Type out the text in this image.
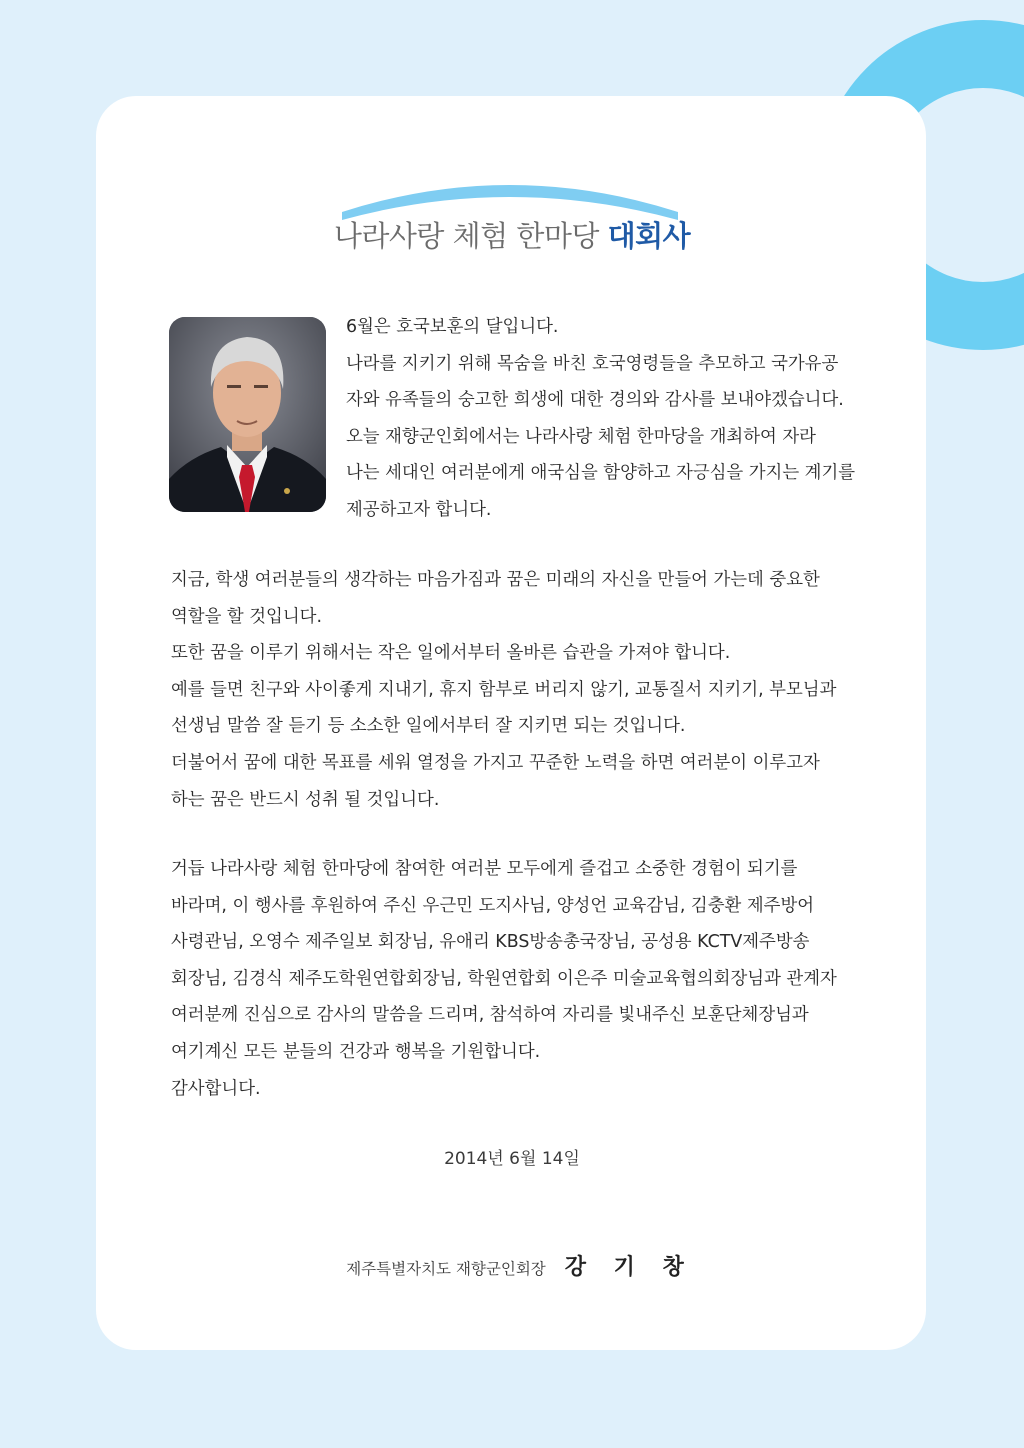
나라사랑 체험 한마당 대회사
6월은 호국보훈의 달입니다.
나라를 지키기 위해 목숨을 바친 호국영령들을 추모하고 국가유공
자와 유족들의 숭고한 희생에 대한 경의와 감사를 보내야겠습니다.
오늘 재향군인회에서는 나라사랑 체험 한마당을 개최하여 자라
나는 세대인 여러분에게 애국심을 함양하고 자긍심을 가지는 계기를
제공하고자 합니다.
지금, 학생 여러분들의 생각하는 마음가짐과 꿈은 미래의 자신을 만들어 가는데 중요한
역할을 할 것입니다.
또한 꿈을 이루기 위해서는 작은 일에서부터 올바른 습관을 가져야 합니다.
예를 들면 친구와 사이좋게 지내기, 휴지 함부로 버리지 않기, 교통질서 지키기, 부모님과
선생님 말씀 잘 듣기 등 소소한 일에서부터 잘 지키면 되는 것입니다.
더불어서 꿈에 대한 목표를 세워 열정을 가지고 꾸준한 노력을 하면 여러분이 이루고자
하는 꿈은 반드시 성취 될 것입니다.
거듭 나라사랑 체험 한마당에 참여한 여러분 모두에게 즐겁고 소중한 경험이 되기를
바라며, 이 행사를 후원하여 주신 우근민 도지사님, 양성언 교육감님, 김충환 제주방어
사령관님, 오영수 제주일보 회장님, 유애리 KBS방송총국장님, 공성용 KCTV제주방송
회장님, 김경식 제주도학원연합회장님, 학원연합회 이은주 미술교육협의회장님과 관계자
여러분께 진심으로 감사의 말씀을 드리며, 참석하여 자리를 빛내주신 보훈단체장님과
여기계신 모든 분들의 건강과 행복을 기원합니다.
감사합니다.
2014년 6월 14일
제주특별자치도 재향군인회장 강 기 창
